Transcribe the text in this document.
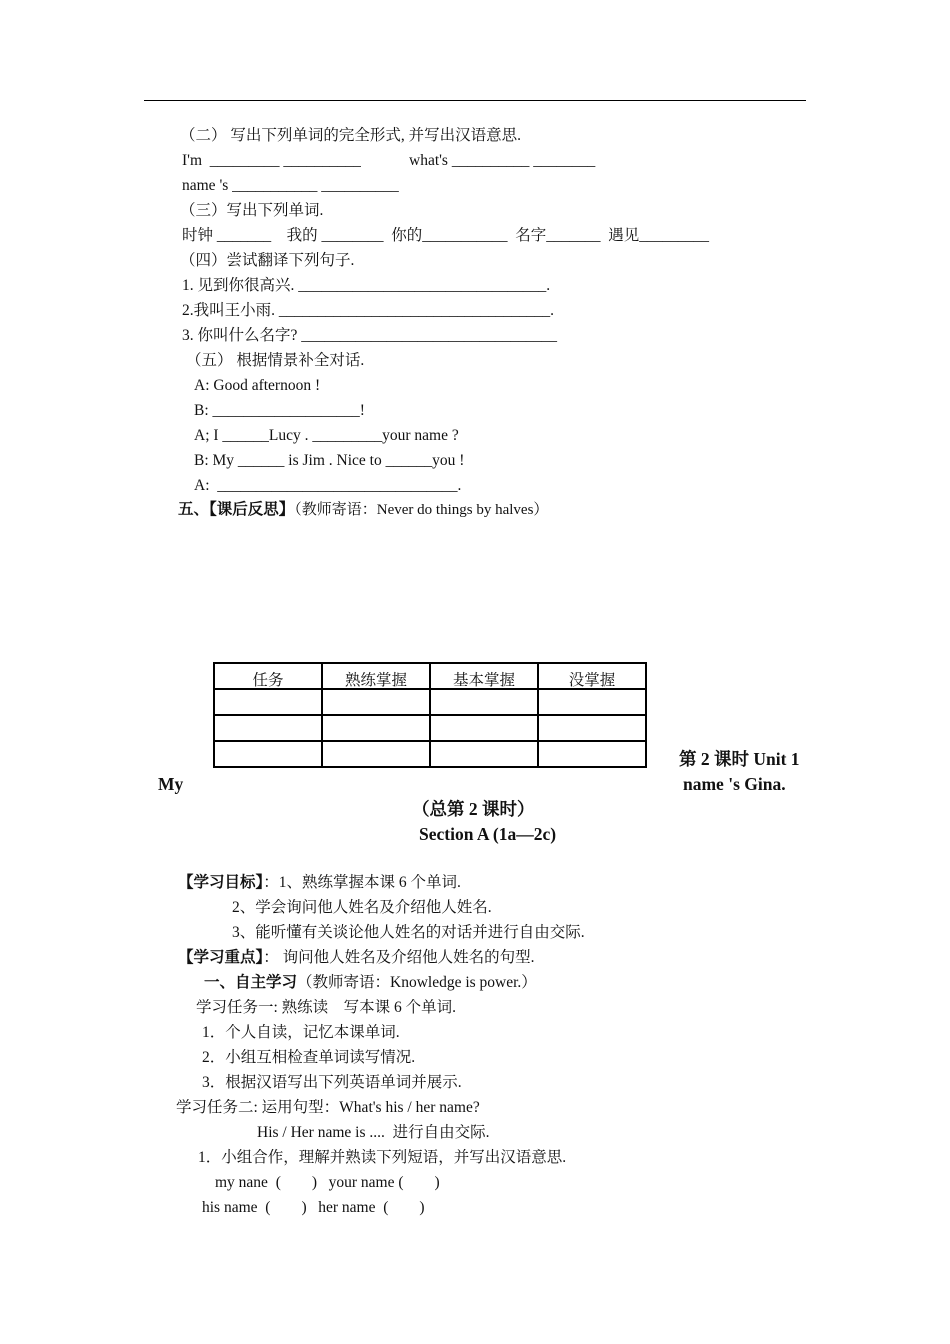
（二） 写出下列单词的完全形式, 并写出汉语意思.
I'm  _________ __________	what's __________ ________
name 's ___________ __________
（三）写出下列单词.
时钟 _______    我的 ________  你的___________  名字_______  遇见_________
（四）尝试翻译下列句子.
1. 见到你很高兴. ________________________________.
2.我叫王小雨. ___________________________________.
3. 你叫什么名字? _________________________________
（五） 根据情景补全对话.
A: Good afternoon !
B: ___________________!
A; I ______Lucy . _________your name ?
B: My ______ is Jim . Nice to ______you !
A:  _______________________________.
五、【课后反思】（教师寄语：Never do things by halves）
任务	熟练掌握	基本掌握	没掌握

My
第 2 课时 Unit 1
name 's Gina.
（总第 2 课时）
Section A (1a—2c)
【学习目标】：1、熟练掌握本课 6 个单词.
2、学会询问他人姓名及介绍他人姓名.
3、能听懂有关谈论他人姓名的对话并进行自由交际.
【学习重点】： 询问他人姓名及介绍他人姓名的句型.
一、自主学习（教师寄语：Knowledge is power.）
学习任务一: 熟练读    写本课 6 个单词.
1．个人自读，记忆本课单词.
2．小组互相检查单词读写情况.
3．根据汉语写出下列英语单词并展示.
学习任务二: 运用句型：What's his / her name?
His / Her name is ....  进行自由交际.
1．小组合作，理解并熟读下列短语，并写出汉语意思.
my nane  (        )   your name (        )
his name  (        )   her name  (        )
